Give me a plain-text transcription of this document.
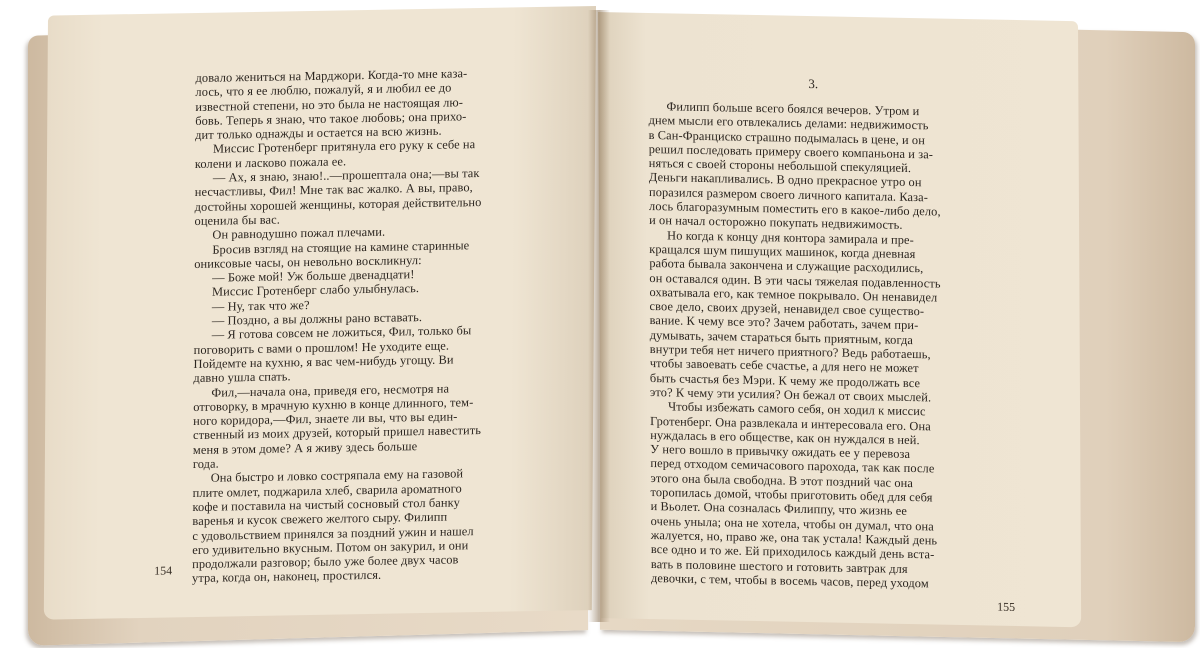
довало жениться на Марджори. Когда-то мне каза-

лось, что я ее люблю, пожалуй, я и любил ее до

известной степени, но это была не настоящая лю-

бовь. Теперь я знаю, что такое любовь; она прихо-

дит только однажды и остается на всю жизнь.

Миссис Гротенберг притянула его руку к себе на

колени и ласково пожала ее.

— Ах, я знаю, знаю!..—прошептала она;—вы так

несчастливы, Фил! Мне так вас жалко. А вы, право,

достойны хорошей женщины, которая действительно

оценила бы вас.

Он равнодушно пожал плечами.

Бросив взгляд на стоящие на камине старинные

ониксовые часы, он невольно воскликнул:

— Боже мой! Уж больше двенадцати!

Миссис Гротенберг слабо улыбнулась.

— Ну, так что же?

— Поздно, а вы должны рано вставать.

— Я готова совсем не ложиться, Фил, только бы

поговорить с вами о прошлом! Не уходите еще.

Пойдемте на кухню, я вас чем-нибудь угощу. Ви

давно ушла спать.

Фил,—начала она, приведя его, несмотря на

отговорку, в мрачную кухню в конце длинного, тем-

ного коридора,—Фил, знаете ли вы, что вы един-

ственный из моих друзей, который пришел навестить

меня в этом доме? А я живу здесь больше

года.

Она быстро и ловко состряпала ему на газовой

плите омлет, поджарила хлеб, сварила ароматного

кофе и поставила на чистый сосновый стол банку

варенья и кусок свежего желтого сыру. Филипп

с удовольствием принялся за поздний ужин и нашел

его удивительно вкусным. Потом он закурил, и они

продолжали разговор; было уже более двух часов

утра, когда он, наконец, простился.

154
3.

Филипп больше всего боялся вечеров. Утром и

днем мысли его отвлекались делами: недвижимость

в Сан-Франциско страшно подымалась в цене, и он

решил последовать примеру своего компаньона и за-

няться с своей стороны небольшой спекуляцией.

Деньги накапливались. В одно прекрасное утро он

поразился размером своего личного капитала. Каза-

лось благоразумным поместить его в какое-либо дело,

и он начал осторожно покупать недвижимость.

Но когда к концу дня контора замирала и пре-

кращался шум пишущих машинок, когда дневная

работа бывала закончена и служащие расходились,

он оставался один. В эти часы тяжелая подавленность

охватывала его, как темное покрывало. Он ненавидел

свое дело, своих друзей, ненавидел свое существо-

вание. К чему все это? Зачем работать, зачем при-

думывать, зачем стараться быть приятным, когда

внутри тебя нет ничего приятного? Ведь работаешь,

чтобы завоевать себе счастье, а для него не может

быть счастья без Мэри. К чему же продолжать все

это? К чему эти усилия? Он бежал от своих мыслей.

Чтобы избежать самого себя, он ходил к миссис

Гротенберг. Она развлекала и интересовала его. Она

нуждалась в его обществе, как он нуждался в ней.

У него вошло в привычку ожидать ее у перевоза

перед отходом семичасового парохода, так как после

этого она была свободна. В этот поздний час она

торопилась домой, чтобы приготовить обед для себя

и Вьолет. Она созналась Филиппу, что жизнь ее

очень уныла; она не хотела, чтобы он думал, что она

жалуется, но, право же, она так устала! Каждый день

все одно и то же. Ей приходилось каждый день вста-

вать в половине шестого и готовить завтрак для

девочки, с тем, чтобы в восемь часов, перед уходом

155
